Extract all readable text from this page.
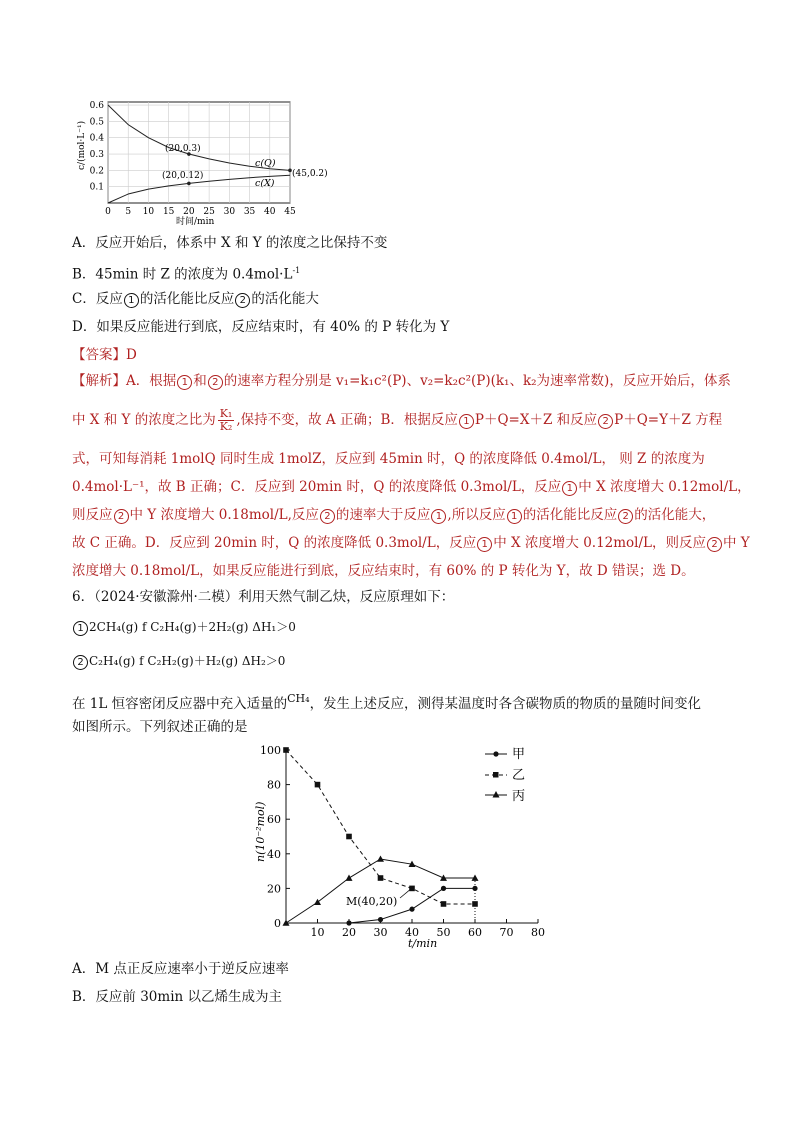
0 5 10 15 20 25 30 35 40 45
0.1
0.2
0.3
0.4
0.5
0.6
(20,0.3)
(20,0.12)	(45,0.2)
c(Q)
c(X)
c/(mol·L⁻¹)
时间/min
A．反应开始后，体系中 X 和 Y 的浓度之比保持不变
B．45min 时 Z 的浓度为 $0.4mol\cdot L^{-1}$
C．反应 1 的活化能比反应 2 的活化能大
D．如果反应能进行到底，反应结束时，有 40% 的 P 转化为 Y
【答案】D
【解析】A．根据 1 和 2 的速率方程分别是 v₁=k₁c²(P)、v₂=k₂c²(P)(k₁、k₂为速率常数)，反应开始后，体系
中 X 和 Y 的浓度之比为 $\frac{\text{K₁}}{\text{K₂}}$ ,保持不变，故 A 正确；B．根据反应 1 P＋Q=X＋Z 和反应 2 P＋Q=Y＋Z 方程
式，可知每消耗 1molQ 同时生成 1molZ，反应到 45min 时，Q 的浓度降低 0.4mol/L， 则 Z 的浓度为
0.4mol·L⁻¹，故 B 正确；C．反应到 20min 时，Q 的浓度降低 0.3mol/L，反应 1 中 X 浓度增大 0.12mol/L，
则反应 2 中 Y 浓度增大 0.18mol/L,反应 2 的速率大于反应 1 ,所以反应 1 的活化能比反应 2 的活化能大，
故 C 正确。D．反应到 20min 时，Q 的浓度降低 0.3mol/L，反应 1 中 X 浓度增大 0.12mol/L，则反应 2 中 Y
浓度增大 0.18mol/L，如果反应能进行到底，反应结束时，有 60% 的 P 转化为 Y，故 D 错误；选 D。
6．（2024·安徽滁州·二模）利用天然气制乙炔，反应原理如下：
1 2CH₄(g) f C₂H₄(g)＋2H₂(g) ΔH₁＞0
2 C₂H₄(g) f C₂H₂(g)＋H₂(g) ΔH₂＞0
在 1L 恒容密闭反应器中充入适量的$^{CH_4}$，发生上述反应，测得某温度时各含碳物质的物质的量随时间变化
如图所示。下列叙述正确的是
10 20 30 40 50 60 70 80
0
20
40
60
80
100
M(40,20)
甲
乙
丙
n(10⁻²mol)
t/min
A．M 点正反应速率小于逆反应速率
B．反应前 30min 以乙烯生成为主
